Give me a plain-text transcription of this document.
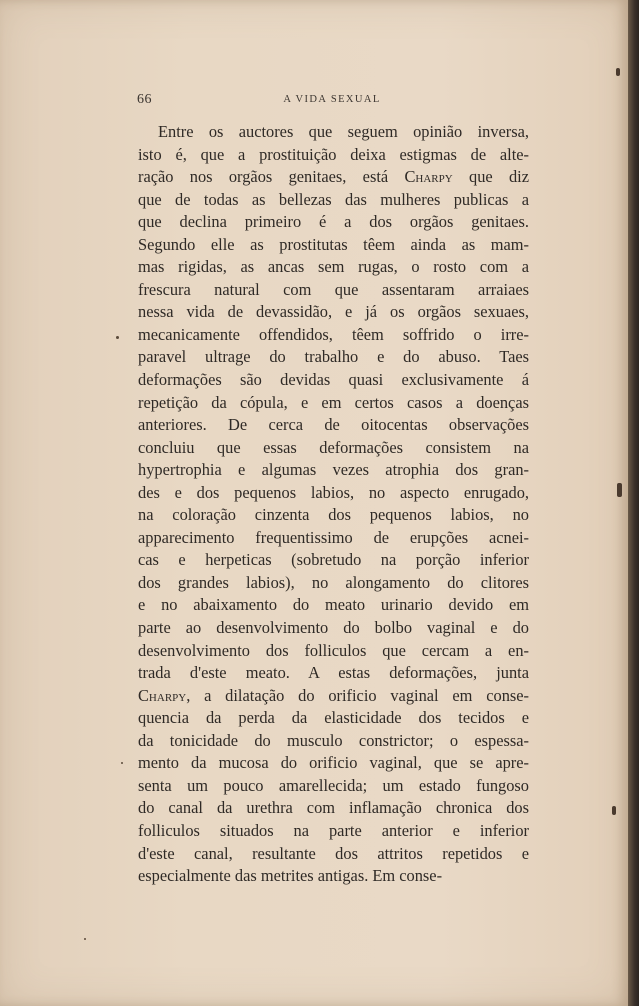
66	A VIDA SEXUAL
Entre os auctores que seguem opinião inversa,
isto é, que a prostituição deixa estigmas de alte-
ração nos orgãos genitaes, está Charpy que diz
que de todas as bellezas das mulheres publicas a
que declina primeiro é a dos orgãos genitaes.
Segundo elle as prostitutas têem ainda as mam-
mas rigidas, as ancas sem rugas, o rosto com a
frescura natural com que assentaram arraiaes
nessa vida de devassidão, e já os orgãos sexuaes,
mecanicamente offendidos, têem soffrido o irre-
paravel ultrage do trabalho e do abuso. Taes
deformações são devidas quasi exclusivamente á
repetição da cópula, e em certos casos a doenças
anteriores. De cerca de oitocentas observações
concluiu que essas deformações consistem na
hypertrophia e algumas vezes atrophia dos gran-
des e dos pequenos labios, no aspecto enrugado,
na coloração cinzenta dos pequenos labios, no
apparecimento frequentissimo de erupções acnei-
cas e herpeticas (sobretudo na porção inferior
dos grandes labios), no alongamento do clitores
e no abaixamento do meato urinario devido em
parte ao desenvolvimento do bolbo vaginal e do
desenvolvimento dos folliculos que cercam a en-
trada d'este meato. A estas deformações, junta
Charpy, a dilatação do orificio vaginal em conse-
quencia da perda da elasticidade dos tecidos e
da tonicidade do musculo constrictor; o espessa-
mento da mucosa do orificio vaginal, que se apre-
senta um pouco amarellecida; um estado fungoso
do canal da urethra com inflamação chronica dos
folliculos situados na parte anterior e inferior
d'este canal, resultante dos attritos repetidos e
especialmente das metrites antigas. Em conse-
